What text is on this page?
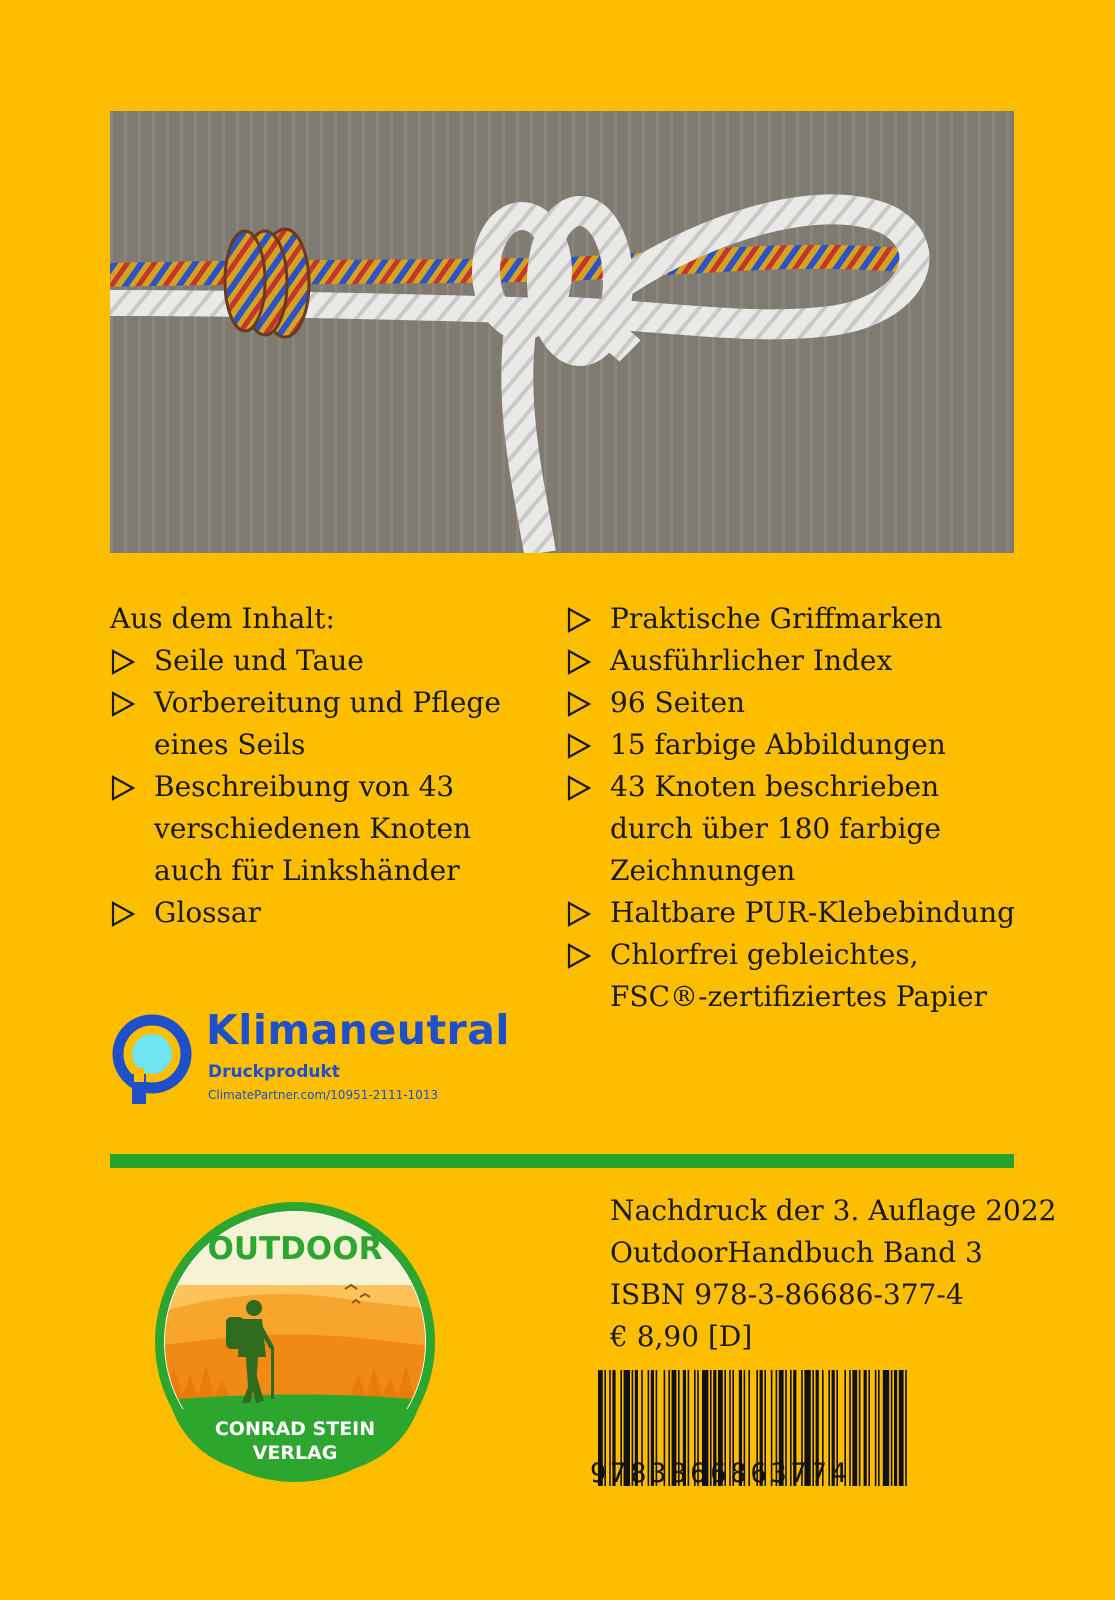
Aus dem Inhalt:
Seile und Taue
Vorbereitung und Pflege
eines Seils
Beschreibung von 43
verschiedenen Knoten
auch für Linkshänder
Glossar
Praktische Griffmarken
Ausführlicher Index
96 Seiten
15 farbige Abbildungen
43 Knoten beschrieben
durch über 180 farbige
Zeichnungen
Haltbare PUR-Klebebindung
Chlorfrei gebleichtes,
FSC®-zertifiziertes Papier
Klimaneutral
Druckprodukt
ClimatePartner.com/10951-2111-1013
OUTDOOR
CONRAD STEIN
VERLAG
Nachdruck der 3. Auflage 2022
OutdoorHandbuch Band 3
ISBN 978-3-86686-377-4
€ 8,90 [D]
9783866863774
